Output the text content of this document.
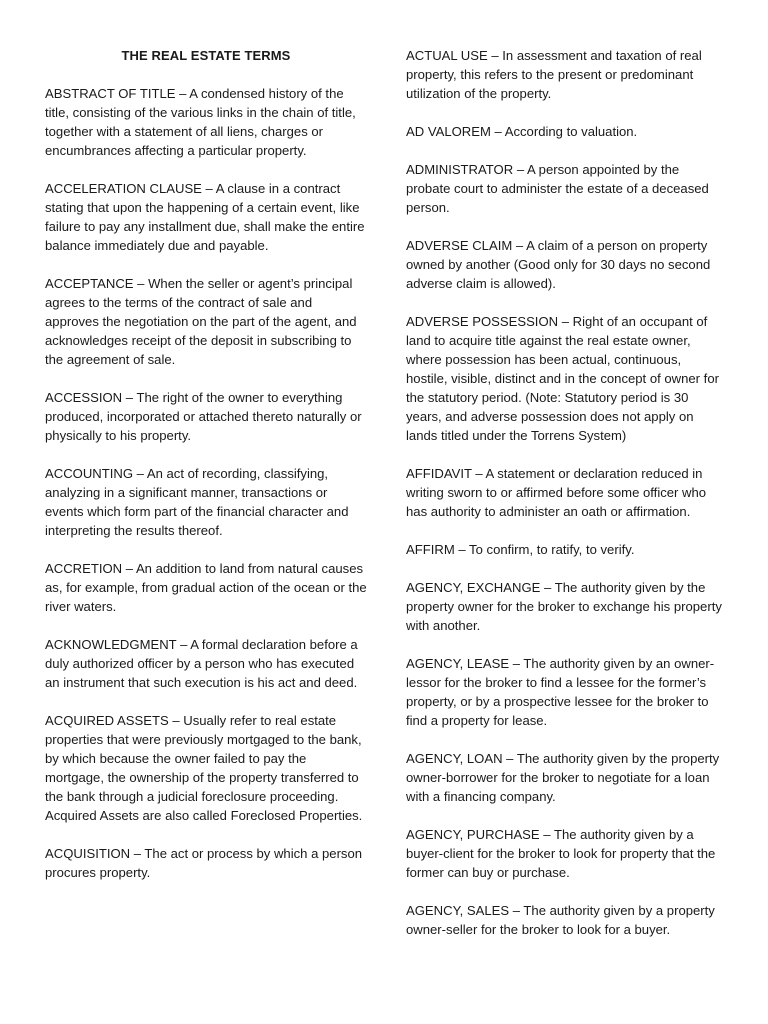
THE REAL ESTATE TERMS

ABSTRACT OF TITLE – A condensed history of the title, consisting of the various links in the chain of title, together with a statement of all liens, charges or encumbrances affecting a particular property.

ACCELERATION CLAUSE – A clause in a contract stating that upon the happening of a certain event, like failure to pay any installment due, shall make the entire balance immediately due and payable.

ACCEPTANCE – When the seller or agent’s principal agrees to the terms of the contract of sale and approves the negotiation on the part of the agent, and acknowledges receipt of the deposit in subscribing to the agreement of sale.

ACCESSION – The right of the owner to everything produced, incorporated or attached thereto naturally or physically to his property.

ACCOUNTING – An act of recording, classifying, analyzing in a significant manner, transactions or events which form part of the financial character and interpreting the results thereof.

ACCRETION – An addition to land from natural causes as, for example, from gradual action of the ocean or the river waters.

ACKNOWLEDGMENT – A formal declaration before a duly authorized officer by a person who has executed an instrument that such execution is his act and deed.

ACQUIRED ASSETS – Usually refer to real estate properties that were previously mortgaged to the bank, by which because the owner failed to pay the mortgage, the ownership of the property transferred to the bank through a judicial foreclosure proceeding. Acquired Assets are also called Foreclosed Properties.

ACQUISITION – The act or process by which a person procures property.

ACTUAL USE – In assessment and taxation of real property, this refers to the present or predominant utilization of the property.

AD VALOREM – According to valuation.

ADMINISTRATOR – A person appointed by the probate court to administer the estate of a deceased person.

ADVERSE CLAIM – A claim of a person on property owned by another (Good only for 30 days no second adverse claim is allowed).

ADVERSE POSSESSION – Right of an occupant of land to acquire title against the real estate owner, where possession has been actual, continuous, hostile, visible, distinct and in the concept of owner for the statutory period. (Note: Statutory period is 30 years, and adverse possession does not apply on lands titled under the Torrens System)

AFFIDAVIT – A statement or declaration reduced in writing sworn to or affirmed before some officer who has authority to administer an oath or affirmation.

AFFIRM – To confirm, to ratify, to verify.

AGENCY, EXCHANGE – The authority given by the property owner for the broker to exchange his property with another.

AGENCY, LEASE – The authority given by an owner-lessor for the broker to find a lessee for the former’s property, or by a prospective lessee for the broker to find a property for lease.

AGENCY, LOAN – The authority given by the property owner-borrower for the broker to negotiate for a loan with a financing company.

AGENCY, PURCHASE – The authority given by a buyer-client for the broker to look for property that the former can buy or purchase.

AGENCY, SALES – The authority given by a property owner-seller for the broker to look for a buyer.
